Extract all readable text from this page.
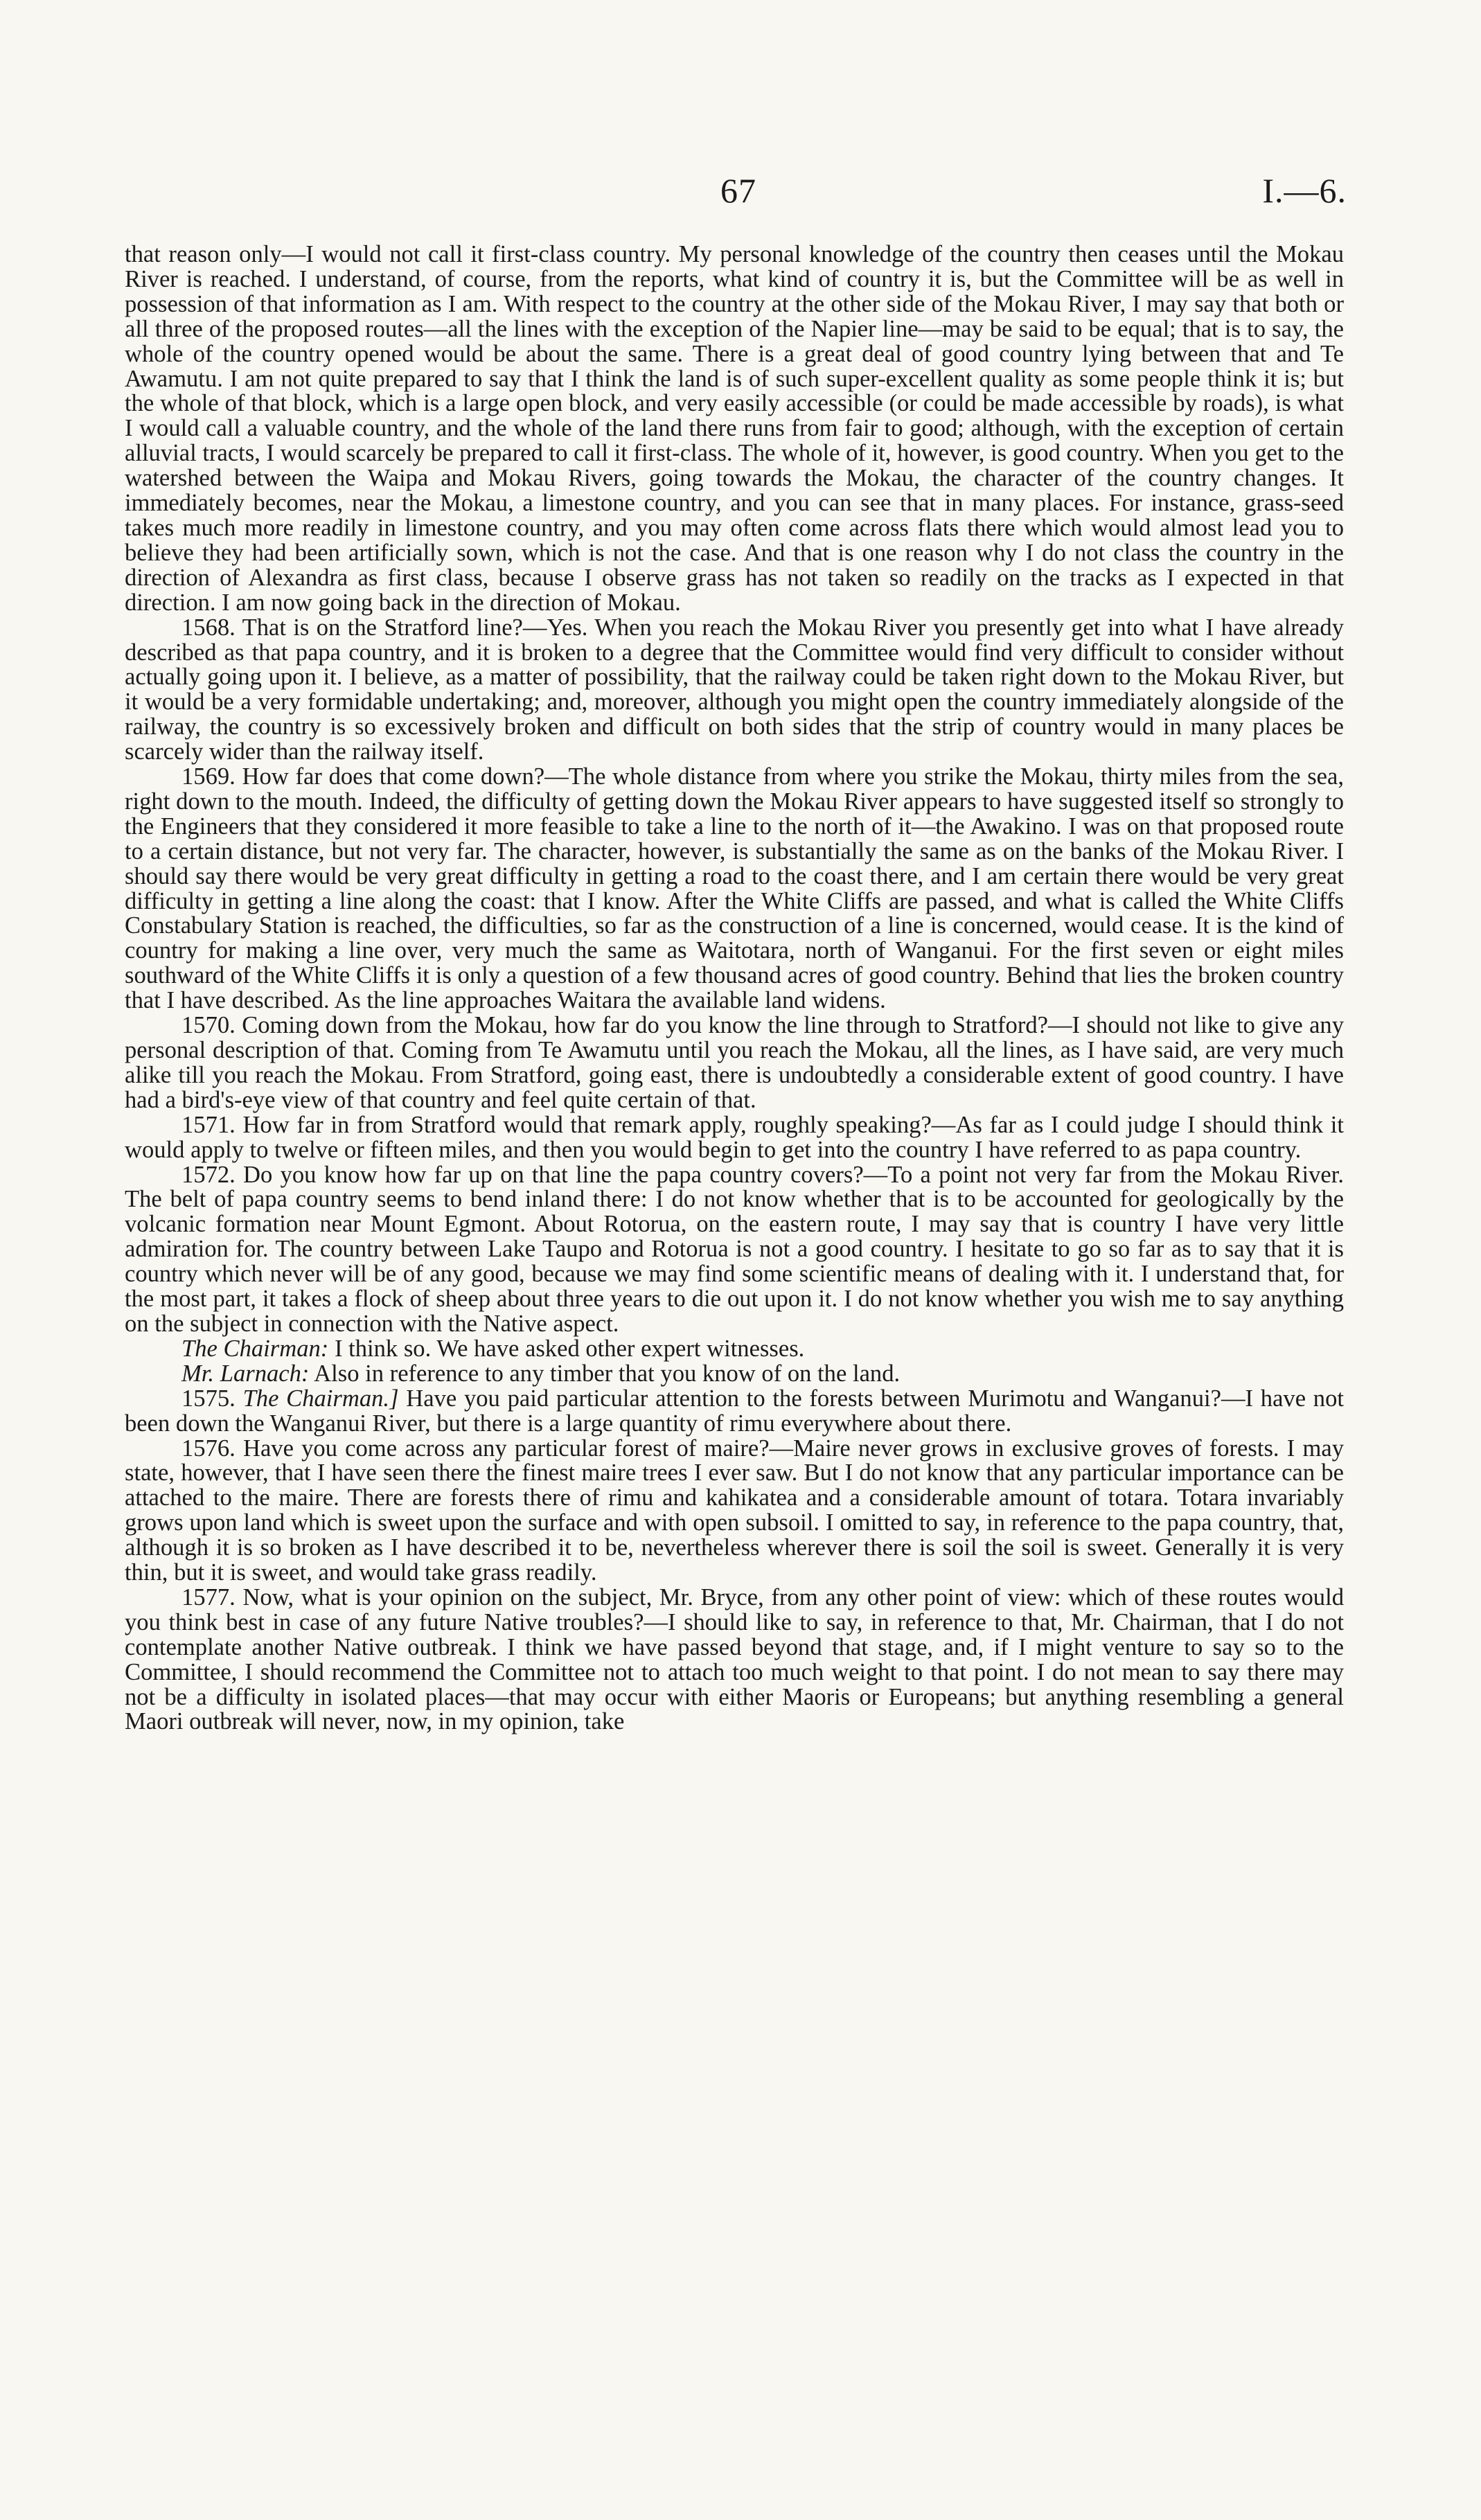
67	I.—6.

that reason only—I would not call it first-class country. My personal knowledge of the country then ceases until the Mokau River is reached. I understand, of course, from the reports, what kind of country it is, but the Committee will be as well in possession of that information as I am. With respect to the country at the other side of the Mokau River, I may say that both or all three of the proposed routes—all the lines with the exception of the Napier line—may be said to be equal; that is to say, the whole of the country opened would be about the same. There is a great deal of good country lying between that and Te Awamutu. I am not quite prepared to say that I think the land is of such super-excellent quality as some people think it is; but the whole of that block, which is a large open block, and very easily accessible (or could be made accessible by roads), is what I would call a valuable country, and the whole of the land there runs from fair to good; although, with the exception of certain alluvial tracts, I would scarcely be prepared to call it first-class. The whole of it, however, is good country. When you get to the watershed between the Waipa and Mokau Rivers, going towards the Mokau, the character of the country changes. It immediately becomes, near the Mokau, a limestone country, and you can see that in many places. For instance, grass-seed takes much more readily in limestone country, and you may often come across flats there which would almost lead you to believe they had been artificially sown, which is not the case. And that is one reason why I do not class the country in the direction of Alexandra as first class, because I observe grass has not taken so readily on the tracks as I expected in that direction. I am now going back in the direction of Mokau.

1568. That is on the Stratford line?—Yes. When you reach the Mokau River you presently get into what I have already described as that papa country, and it is broken to a degree that the Committee would find very difficult to consider without actually going upon it. I believe, as a matter of possibility, that the railway could be taken right down to the Mokau River, but it would be a very formidable undertaking; and, moreover, although you might open the country immediately alongside of the railway, the country is so excessively broken and difficult on both sides that the strip of country would in many places be scarcely wider than the railway itself.

1569. How far does that come down?—The whole distance from where you strike the Mokau, thirty miles from the sea, right down to the mouth. Indeed, the difficulty of getting down the Mokau River appears to have suggested itself so strongly to the Engineers that they considered it more feasible to take a line to the north of it—the Awakino. I was on that proposed route to a certain distance, but not very far. The character, however, is substantially the same as on the banks of the Mokau River. I should say there would be very great difficulty in getting a road to the coast there, and I am certain there would be very great difficulty in getting a line along the coast: that I know. After the White Cliffs are passed, and what is called the White Cliffs Constabulary Station is reached, the difficulties, so far as the construction of a line is concerned, would cease. It is the kind of country for making a line over, very much the same as Waitotara, north of Wanganui. For the first seven or eight miles southward of the White Cliffs it is only a question of a few thousand acres of good country. Behind that lies the broken country that I have described. As the line approaches Waitara the available land widens.

1570. Coming down from the Mokau, how far do you know the line through to Stratford?—I should not like to give any personal description of that. Coming from Te Awamutu until you reach the Mokau, all the lines, as I have said, are very much alike till you reach the Mokau. From Stratford, going east, there is undoubtedly a considerable extent of good country. I have had a bird's-eye view of that country and feel quite certain of that.

1571. How far in from Stratford would that remark apply, roughly speaking?—As far as I could judge I should think it would apply to twelve or fifteen miles, and then you would begin to get into the country I have referred to as papa country.

1572. Do you know how far up on that line the papa country covers?—To a point not very far from the Mokau River. The belt of papa country seems to bend inland there: I do not know whether that is to be accounted for geologically by the volcanic formation near Mount Egmont. About Rotorua, on the eastern route, I may say that is country I have very little admiration for. The country between Lake Taupo and Rotorua is not a good country. I hesitate to go so far as to say that it is country which never will be of any good, because we may find some scientific means of dealing with it. I understand that, for the most part, it takes a flock of sheep about three years to die out upon it. I do not know whether you wish me to say anything on the subject in connection with the Native aspect.

The Chairman: I think so. We have asked other expert witnesses.

Mr. Larnach: Also in reference to any timber that you know of on the land.

1575. The Chairman.] Have you paid particular attention to the forests between Murimotu and Wanganui?—I have not been down the Wanganui River, but there is a large quantity of rimu everywhere about there.

1576. Have you come across any particular forest of maire?—Maire never grows in exclusive groves of forests. I may state, however, that I have seen there the finest maire trees I ever saw. But I do not know that any particular importance can be attached to the maire. There are forests there of rimu and kahikatea and a considerable amount of totara. Totara invariably grows upon land which is sweet upon the surface and with open subsoil. I omitted to say, in reference to the papa country, that, although it is so broken as I have described it to be, nevertheless wherever there is soil the soil is sweet. Generally it is very thin, but it is sweet, and would take grass readily.

1577. Now, what is your opinion on the subject, Mr. Bryce, from any other point of view: which of these routes would you think best in case of any future Native troubles?—I should like to say, in reference to that, Mr. Chairman, that I do not contemplate another Native outbreak. I think we have passed beyond that stage, and, if I might venture to say so to the Committee, I should recommend the Committee not to attach too much weight to that point. I do not mean to say there may not be a difficulty in isolated places—that may occur with either Maoris or Europeans; but anything resembling a general Maori outbreak will never, now, in my opinion, take
